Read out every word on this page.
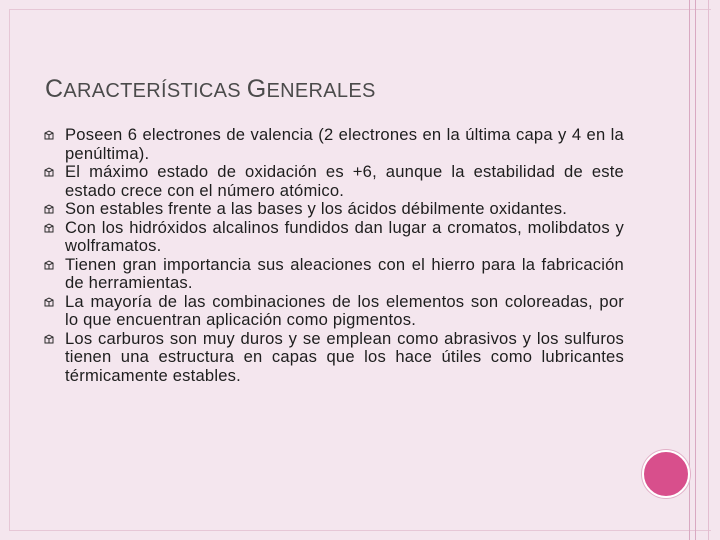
CARACTERÍSTICAS GENERALES
Poseen 6 electrones de valencia (2 electrones en la última capa y 4 en la penúltima).
El máximo estado de oxidación es +6, aunque la estabilidad de este estado crece con el número atómico.
Son estables frente a las bases y los ácidos débilmente oxidantes.
Con los hidróxidos alcalinos fundidos dan lugar a cromatos, molibdatos y wolframatos.
Tienen gran importancia sus aleaciones con el hierro para la fabricación de herramientas.
La mayoría de las combinaciones de los elementos son coloreadas, por lo que encuentran aplicación como pigmentos.
Los carburos son muy duros y se emplean como abrasivos y los sulfuros tienen una estructura en capas que los hace útiles como lubricantes térmicamente estables.
